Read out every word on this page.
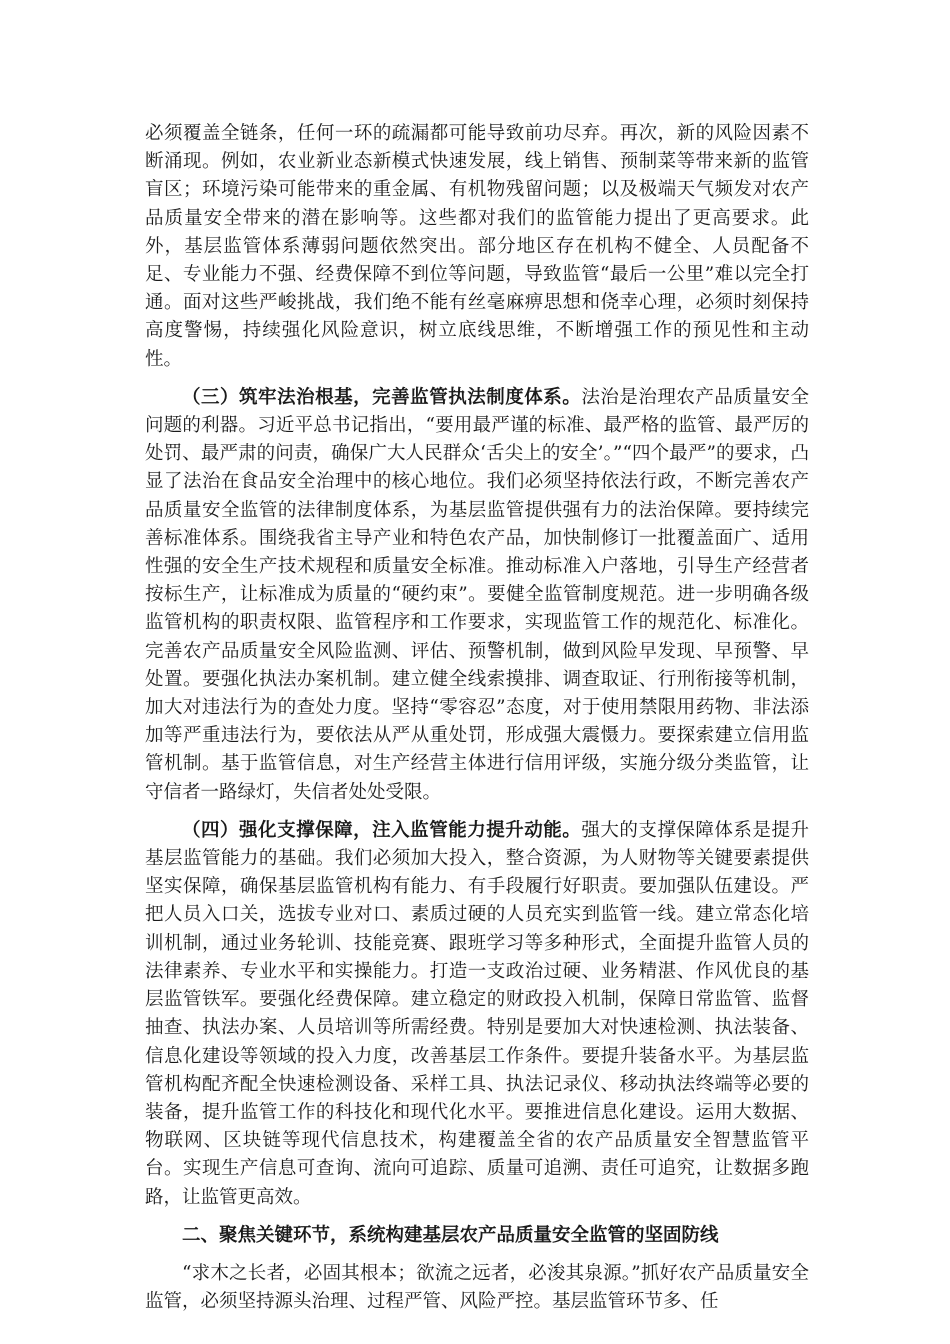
必须覆盖全链条，任何一环的疏漏都可能导致前功尽弃。再次，新的风险因素不断涌现。例如，农业新业态新模式快速发展，线上销售、预制菜等带来新的监管盲区；环境污染可能带来的重金属、有机物残留问题；以及极端天气频发对农产品质量安全带来的潜在影响等。这些都对我们的监管能力提出了更高要求。此外，基层监管体系薄弱问题依然突出。部分地区存在机构不健全、人员配备不足、专业能力不强、经费保障不到位等问题，导致监管“最后一公里”难以完全打通。面对这些严峻挑战，我们绝不能有丝毫麻痹思想和侥幸心理，必须时刻保持高度警惕，持续强化风险意识，树立底线思维，不断增强工作的预见性和主动性。

（三）筑牢法治根基，完善监管执法制度体系。法治是治理农产品质量安全问题的利器。习近平总书记指出，“要用最严谨的标准、最严格的监管、最严厉的处罚、最严肃的问责，确保广大人民群众‘舌尖上的安全’。”“四个最严”的要求，凸显了法治在食品安全治理中的核心地位。我们必须坚持依法行政，不断完善农产品质量安全监管的法律制度体系，为基层监管提供强有力的法治保障。要持续完善标准体系。围绕我省主导产业和特色农产品，加快制修订一批覆盖面广、适用性强的安全生产技术规程和质量安全标准。推动标准入户落地，引导生产经营者按标生产，让标准成为质量的“硬约束”。要健全监管制度规范。进一步明确各级监管机构的职责权限、监管程序和工作要求，实现监管工作的规范化、标准化。完善农产品质量安全风险监测、评估、预警机制，做到风险早发现、早预警、早处置。要强化执法办案机制。建立健全线索摸排、调查取证、行刑衔接等机制，加大对违法行为的查处力度。坚持“零容忍”态度，对于使用禁限用药物、非法添加等严重违法行为，要依法从严从重处罚，形成强大震慑力。要探索建立信用监管机制。基于监管信息，对生产经营主体进行信用评级，实施分级分类监管，让守信者一路绿灯，失信者处处受限。

（四）强化支撑保障，注入监管能力提升动能。强大的支撑保障体系是提升基层监管能力的基础。我们必须加大投入，整合资源，为人财物等关键要素提供坚实保障，确保基层监管机构有能力、有手段履行好职责。要加强队伍建设。严把人员入口关，选拔专业对口、素质过硬的人员充实到监管一线。建立常态化培训机制，通过业务轮训、技能竞赛、跟班学习等多种形式，全面提升监管人员的法律素养、专业水平和实操能力。打造一支政治过硬、业务精湛、作风优良的基层监管铁军。要强化经费保障。建立稳定的财政投入机制，保障日常监管、监督抽查、执法办案、人员培训等所需经费。特别是要加大对快速检测、执法装备、信息化建设等领域的投入力度，改善基层工作条件。要提升装备水平。为基层监管机构配齐配全快速检测设备、采样工具、执法记录仪、移动执法终端等必要的装备，提升监管工作的科技化和现代化水平。要推进信息化建设。运用大数据、物联网、区块链等现代信息技术，构建覆盖全省的农产品质量安全智慧监管平台。实现生产信息可查询、流向可追踪、质量可追溯、责任可追究，让数据多跑路，让监管更高效。

二、聚焦关键环节，系统构建基层农产品质量安全监管的坚固防线

“求木之长者，必固其根本；欲流之远者，必浚其泉源。”抓好农产品质量安全监管，必须坚持源头治理、过程严管、风险严控。基层监管环节多、任
